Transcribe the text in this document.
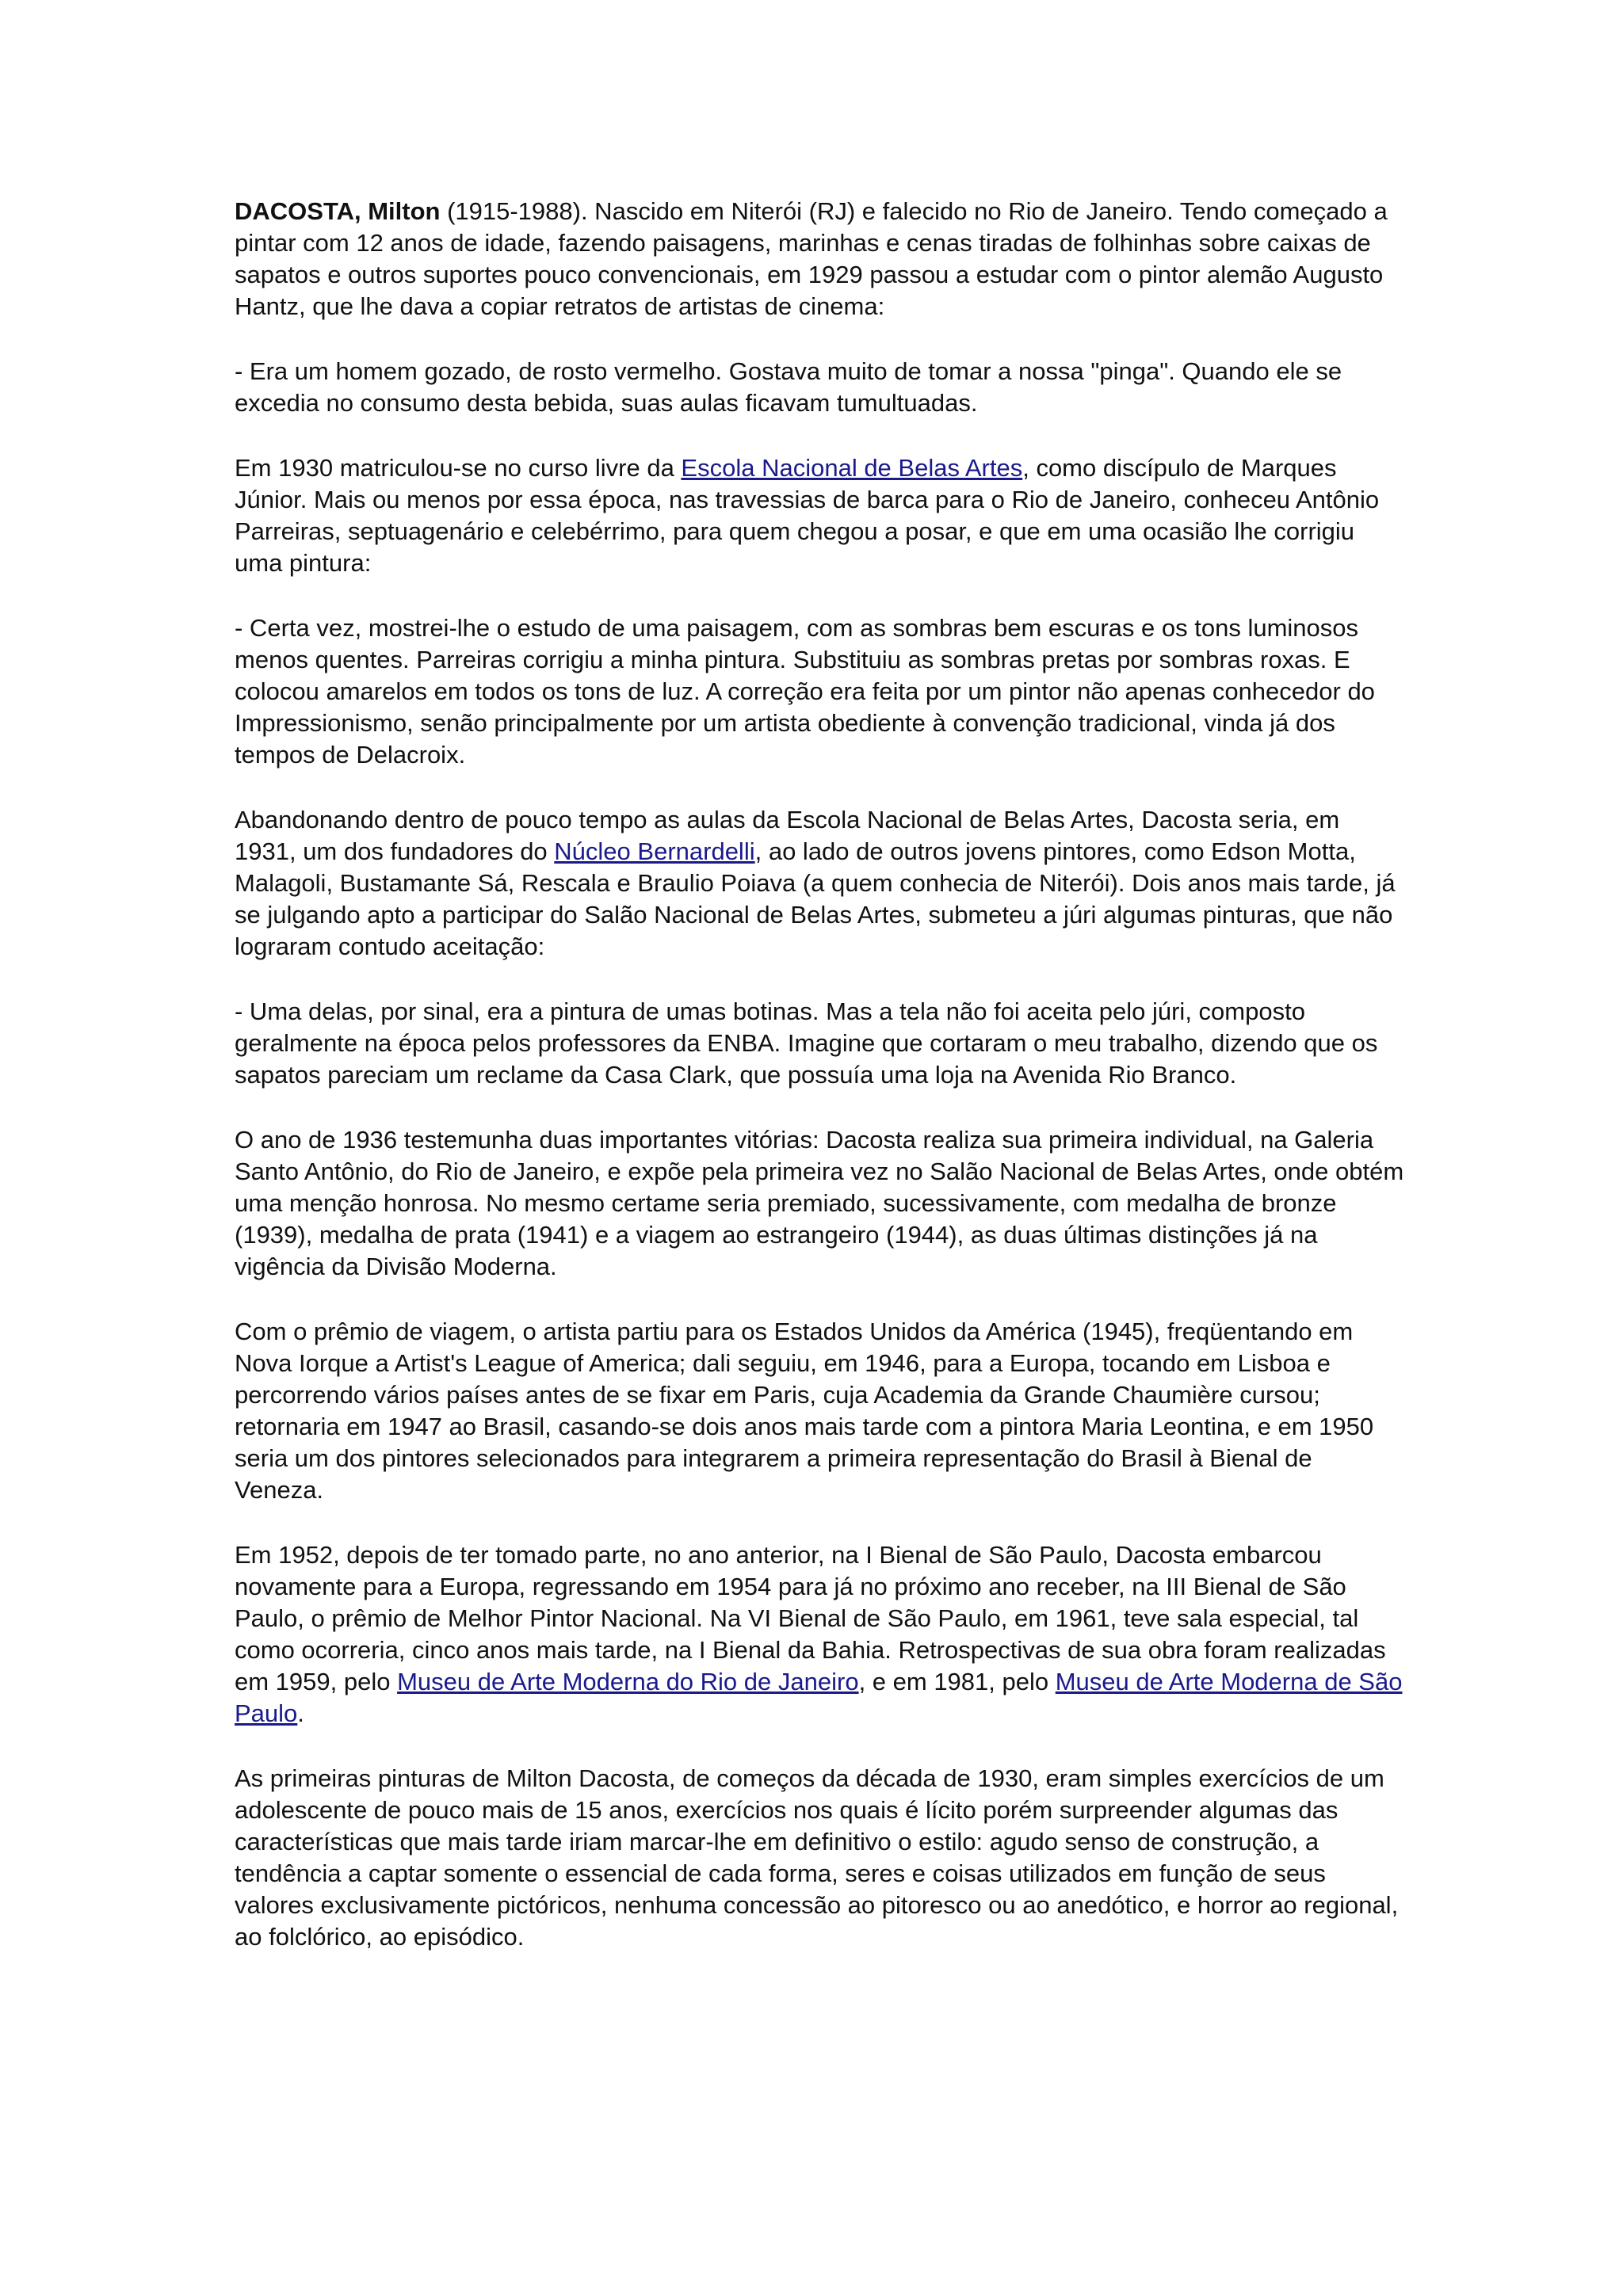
DACOSTA, Milton (1915-1988). Nascido em Niterói (RJ) e falecido no Rio de Janeiro. Tendo começado a pintar com 12 anos de idade, fazendo paisagens, marinhas e cenas tiradas de folhinhas sobre caixas de sapatos e outros suportes pouco convencionais, em 1929 passou a estudar com o pintor alemão Augusto Hantz, que lhe dava a copiar retratos de artistas de cinema:

- Era um homem gozado, de rosto vermelho. Gostava muito de tomar a nossa "pinga". Quando ele se excedia no consumo desta bebida, suas aulas ficavam tumultuadas.

Em 1930 matriculou-se no curso livre da Escola Nacional de Belas Artes, como discípulo de Marques Júnior. Mais ou menos por essa época, nas travessias de barca para o Rio de Janeiro, conheceu Antônio Parreiras, septuagenário e celebérrimo, para quem chegou a posar, e que em uma ocasião lhe corrigiu uma pintura:

- Certa vez, mostrei-lhe o estudo de uma paisagem, com as sombras bem escuras e os tons luminosos menos quentes. Parreiras corrigiu a minha pintura. Substituiu as sombras pretas por sombras roxas. E colocou amarelos em todos os tons de luz. A correção era feita por um pintor não apenas conhecedor do Impressionismo, senão principalmente por um artista obediente à convenção tradicional, vinda já dos tempos de Delacroix.

Abandonando dentro de pouco tempo as aulas da Escola Nacional de Belas Artes, Dacosta seria, em 1931, um dos fundadores do Núcleo Bernardelli, ao lado de outros jovens pintores, como Edson Motta, Malagoli, Bustamante Sá, Rescala e Braulio Poiava (a quem conhecia de Niterói). Dois anos mais tarde, já se julgando apto a participar do Salão Nacional de Belas Artes, submeteu a júri algumas pinturas, que não lograram contudo aceitação:

- Uma delas, por sinal, era a pintura de umas botinas. Mas a tela não foi aceita pelo júri, composto geralmente na época pelos professores da ENBA. Imagine que cortaram o meu trabalho, dizendo que os sapatos pareciam um reclame da Casa Clark, que possuía uma loja na Avenida Rio Branco.

O ano de 1936 testemunha duas importantes vitórias: Dacosta realiza sua primeira individual, na Galeria Santo Antônio, do Rio de Janeiro, e expõe pela primeira vez no Salão Nacional de Belas Artes, onde obtém uma menção honrosa. No mesmo certame seria premiado, sucessivamente, com medalha de bronze (1939), medalha de prata (1941) e a viagem ao estrangeiro (1944), as duas últimas distinções já na vigência da Divisão Moderna.

Com o prêmio de viagem, o artista partiu para os Estados Unidos da América (1945), freqüentando em Nova Iorque a Artist's League of America; dali seguiu, em 1946, para a Europa, tocando em Lisboa e percorrendo vários países antes de se fixar em Paris, cuja Academia da Grande Chaumière cursou; retornaria em 1947 ao Brasil, casando-se dois anos mais tarde com a pintora Maria Leontina, e em 1950 seria um dos pintores selecionados para integrarem a primeira representação do Brasil à Bienal de Veneza.

Em 1952, depois de ter tomado parte, no ano anterior, na I Bienal de São Paulo, Dacosta embarcou novamente para a Europa, regressando em 1954 para já no próximo ano receber, na III Bienal de São Paulo, o prêmio de Melhor Pintor Nacional. Na VI Bienal de São Paulo, em 1961, teve sala especial, tal como ocorreria, cinco anos mais tarde, na I Bienal da Bahia. Retrospectivas de sua obra foram realizadas em 1959, pelo Museu de Arte Moderna do Rio de Janeiro, e em 1981, pelo Museu de Arte Moderna de São Paulo.

As primeiras pinturas de Milton Dacosta, de começos da década de 1930, eram simples exercícios de um adolescente de pouco mais de 15 anos, exercícios nos quais é lícito porém surpreender algumas das características que mais tarde iriam marcar-lhe em definitivo o estilo: agudo senso de construção, a tendência a captar somente o essencial de cada forma, seres e coisas utilizados em função de seus valores exclusivamente pictóricos, nenhuma concessão ao pitoresco ou ao anedótico, e horror ao regional, ao folclórico, ao episódico.
